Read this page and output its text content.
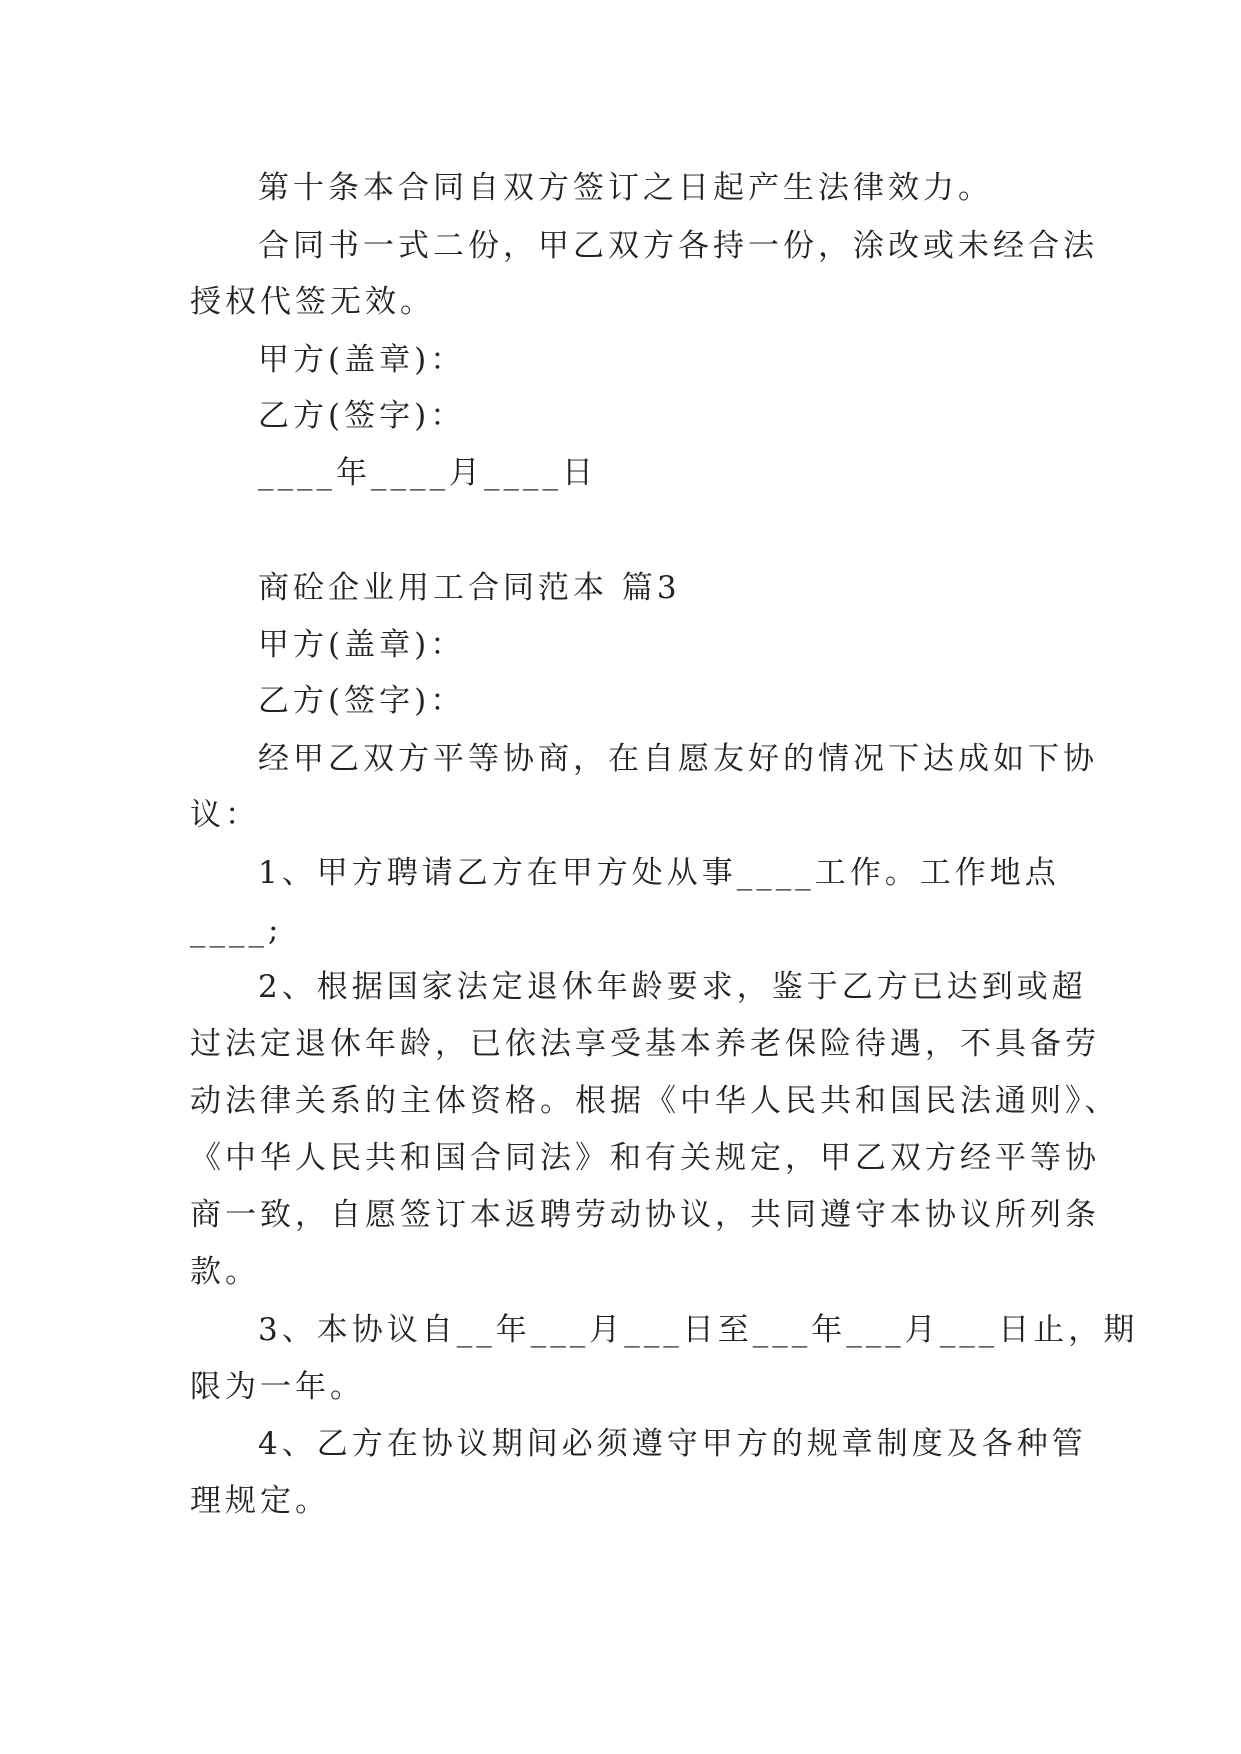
第十条本合同自双方签订之日起产生法律效力。
合同书一式二份，甲乙双方各持一份，涂改或未经合法
授权代签无效。
甲方(盖章)：
乙方(签字)：
____年____月____日
商砼企业用工合同范本 篇3
甲方(盖章)：
乙方(签字)：
经甲乙双方平等协商，在自愿友好的情况下达成如下协
议：
1、甲方聘请乙方在甲方处从事____工作。工作地点
____;
2、根据国家法定退休年龄要求，鉴于乙方已达到或超
过法定退休年龄，已依法享受基本养老保险待遇，不具备劳
动法律关系的主体资格。根据《中华人民共和国民法通则》、
《中华人民共和国合同法》和有关规定，甲乙双方经平等协
商一致，自愿签订本返聘劳动协议，共同遵守本协议所列条
款。
3、本协议自__年___月___日至___年___月___日止，期
限为一年。
4、乙方在协议期间必须遵守甲方的规章制度及各种管
理规定。
